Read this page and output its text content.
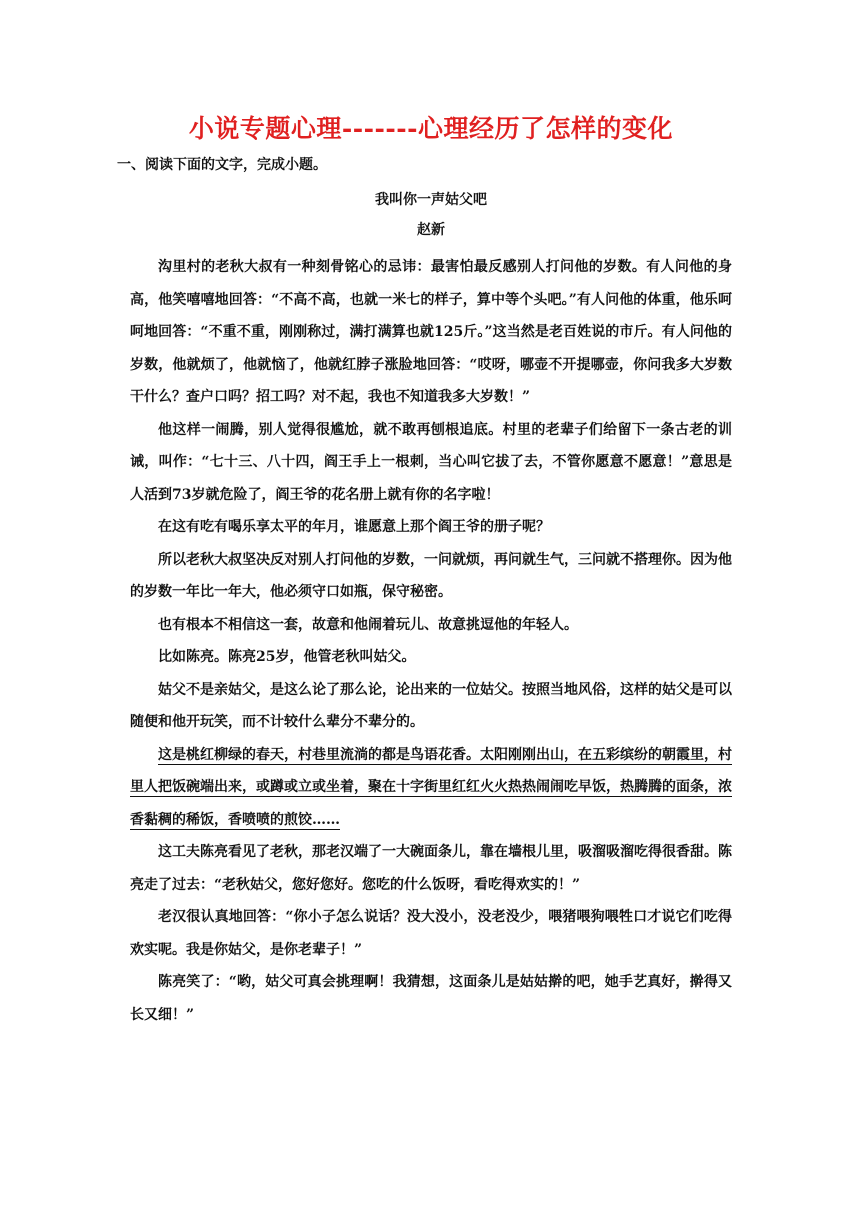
小说专题心理-------心理经历了怎样的变化

一、阅读下面的文字，完成小题。

我叫你一声姑父吧

赵新

沟里村的老秋大叔有一种刻骨铭心的忌讳：最害怕最反感别人打问他的岁数。有人问他的身高，他笑嘻嘻地回答：“不高不高，也就一米七的样子，算中等个头吧。”有人问他的体重，他乐呵呵地回答：“不重不重，刚刚称过，满打满算也就125斤。”这当然是老百姓说的市斤。有人问他的岁数，他就烦了，他就恼了，他就红脖子涨脸地回答：“哎呀，哪壶不开提哪壶，你问我多大岁数干什么？查户口吗？招工吗？对不起，我也不知道我多大岁数！”

他这样一闹腾，别人觉得很尴尬，就不敢再刨根追底。村里的老辈子们给留下一条古老的训诫，叫作：“七十三、八十四，阎王手上一根刺，当心叫它拔了去，不管你愿意不愿意！”意思是人活到73岁就危险了，阎王爷的花名册上就有你的名字啦！

在这有吃有喝乐享太平的年月，谁愿意上那个阎王爷的册子呢？

所以老秋大叔坚决反对别人打问他的岁数，一问就烦，再问就生气，三问就不搭理你。因为他的岁数一年比一年大，他必须守口如瓶，保守秘密。

也有根本不相信这一套，故意和他闹着玩儿、故意挑逗他的年轻人。

比如陈亮。陈亮25岁，他管老秋叫姑父。

姑父不是亲姑父，是这么论了那么论，论出来的一位姑父。按照当地风俗，这样的姑父是可以随便和他开玩笑，而不计较什么辈分不辈分的。

这是桃红柳绿的春天，村巷里流淌的都是鸟语花香。太阳刚刚出山，在五彩缤纷的朝霞里，村里人把饭碗端出来，或蹲或立或坐着，聚在十字街里红红火火热热闹闹吃早饭，热腾腾的面条，浓香黏稠的稀饭，香喷喷的煎饺……

这工夫陈亮看见了老秋，那老汉端了一大碗面条儿，靠在墙根儿里，吸溜吸溜吃得很香甜。陈亮走了过去：“老秋姑父，您好您好。您吃的什么饭呀，看吃得欢实的！”

老汉很认真地回答：“你小子怎么说话？没大没小，没老没少，喂猪喂狗喂牲口才说它们吃得欢实呢。我是你姑父，是你老辈子！”

陈亮笑了：“哟，姑父可真会挑理啊！我猜想，这面条儿是姑姑擀的吧，她手艺真好，擀得又长又细！”
